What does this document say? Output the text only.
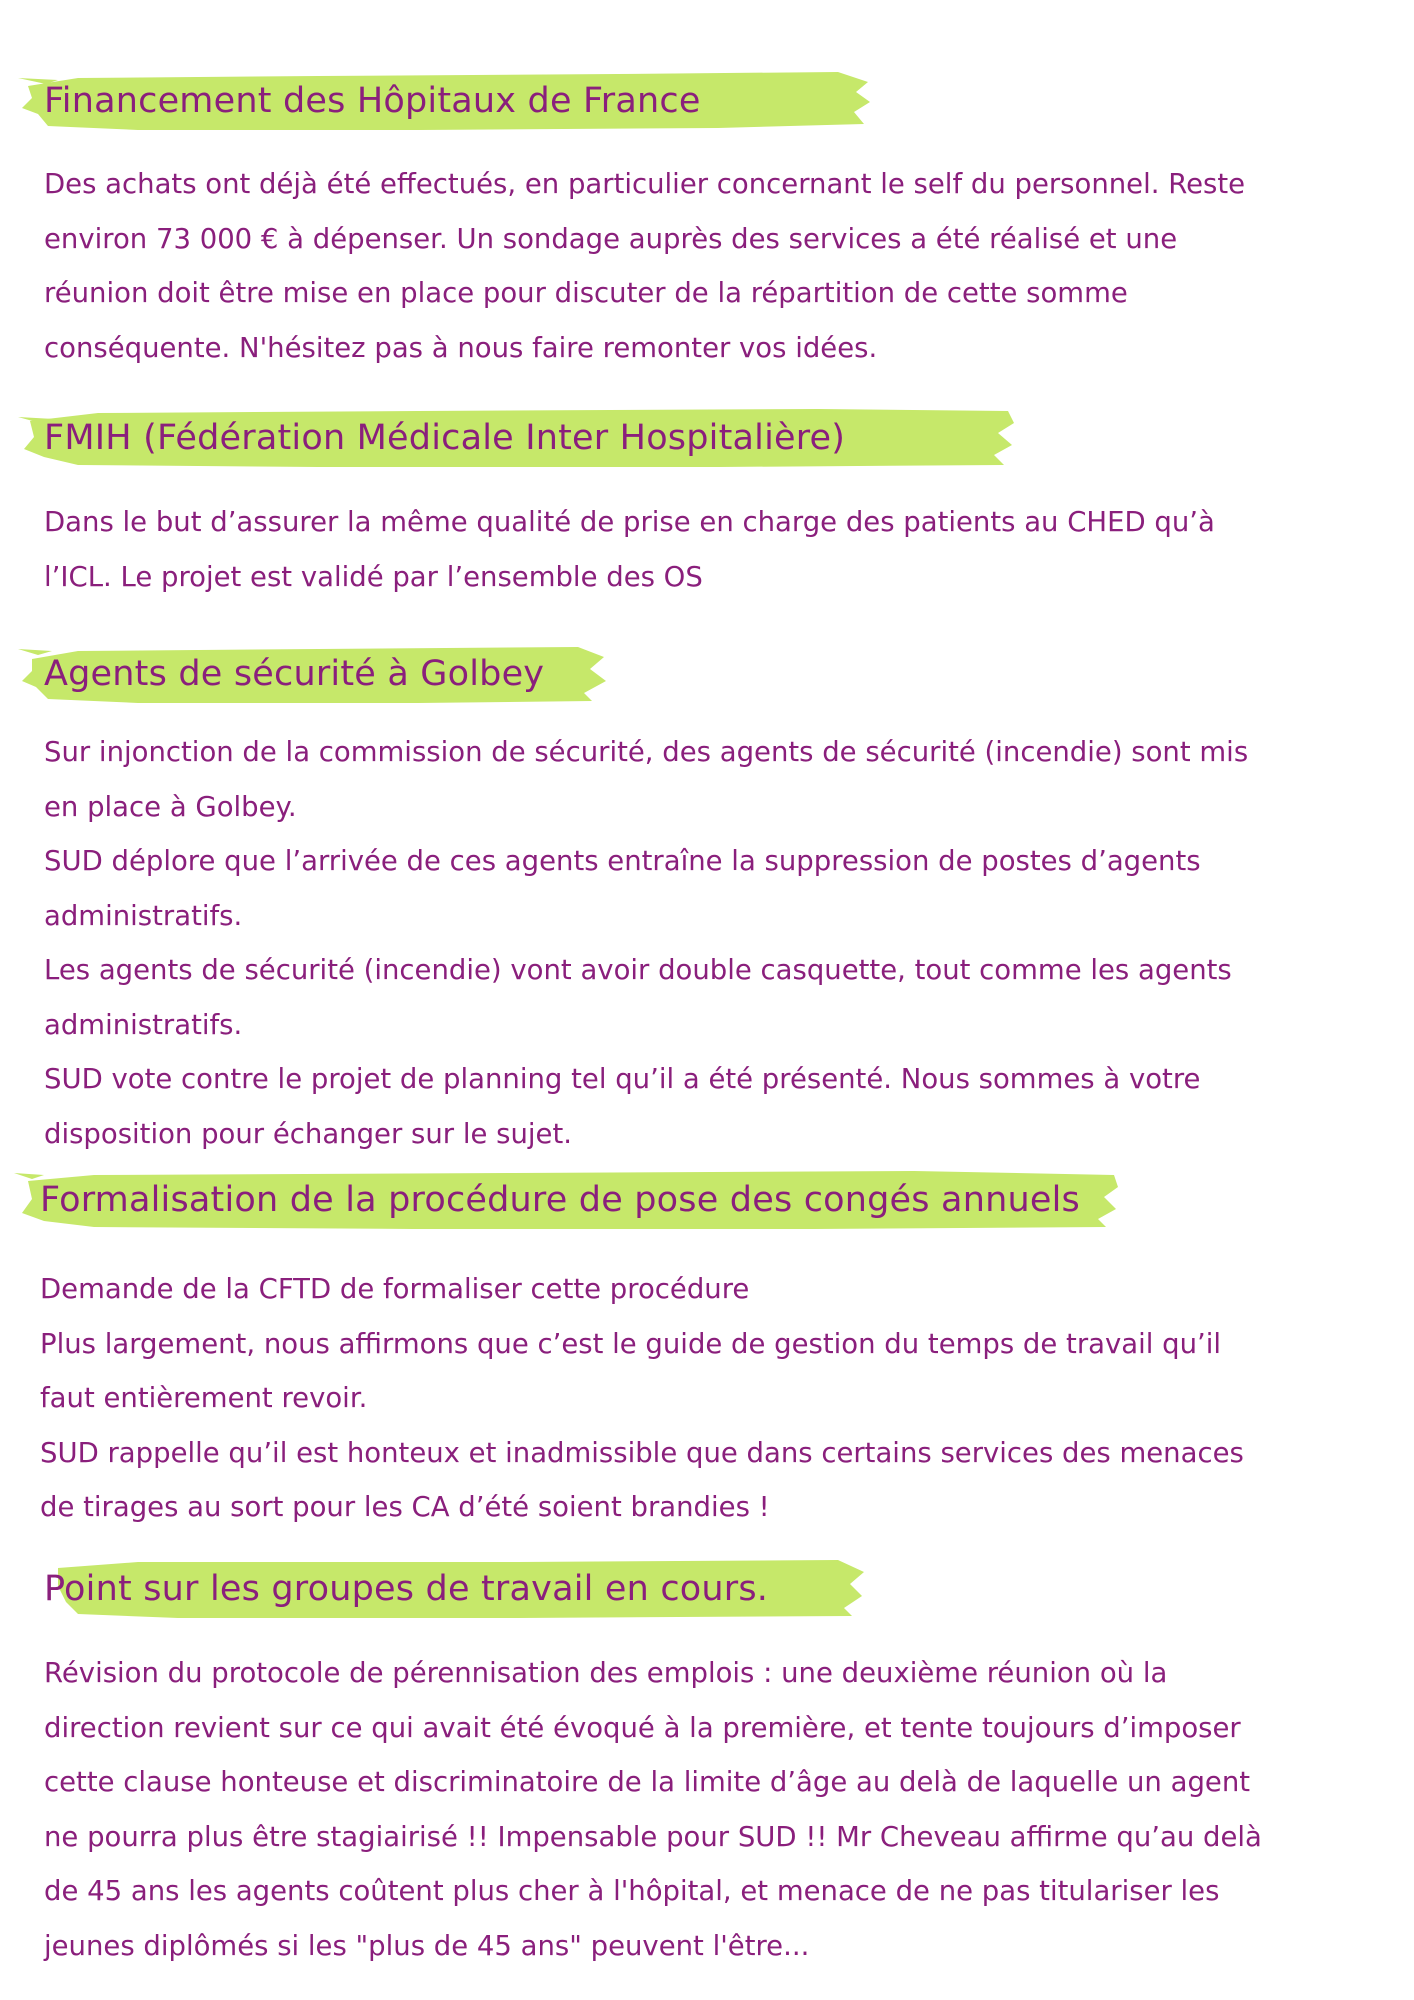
Financement des Hôpitaux de France
Des achats ont déjà été effectués, en particulier concernant le self du personnel. Reste
environ 73 000 € à dépenser. Un sondage auprès des services a été réalisé et une
réunion doit être mise en place pour discuter de la répartition de cette somme
conséquente. N'hésitez pas à nous faire remonter vos idées.
FMIH (Fédération Médicale Inter Hospitalière)
Dans le but d’assurer la même qualité de prise en charge des patients au CHED qu’à
l’ICL. Le projet est validé par l’ensemble des OS
Agents de sécurité à Golbey
Sur injonction de la commission de sécurité, des agents de sécurité (incendie) sont mis
en place à Golbey.
SUD déplore que l’arrivée de ces agents entraîne la suppression de postes d’agents
administratifs.
Les agents de sécurité (incendie) vont avoir double casquette, tout comme les agents
administratifs.
SUD vote contre le projet de planning tel qu’il a été présenté. Nous sommes à votre
disposition pour échanger sur le sujet.
Formalisation de la procédure de pose des congés annuels
Demande de la CFTD de formaliser cette procédure
Plus largement, nous affirmons que c’est le guide de gestion du temps de travail qu’il
faut entièrement revoir.
SUD rappelle qu’il est honteux et inadmissible que dans certains services des menaces
de tirages au sort pour les CA d’été soient brandies !
Point sur les groupes de travail en cours.
Révision du protocole de pérennisation des emplois : une deuxième réunion où la
direction revient sur ce qui avait été évoqué à la première, et tente toujours d’imposer
cette clause honteuse et discriminatoire de la limite d’âge au delà de laquelle un agent
ne pourra plus être stagiairisé !! Impensable pour SUD !! Mr Cheveau affirme qu’au delà
de 45 ans les agents coûtent plus cher à l'hôpital, et menace de ne pas titulariser les
jeunes diplômés si les "plus de 45 ans" peuvent l'être...
